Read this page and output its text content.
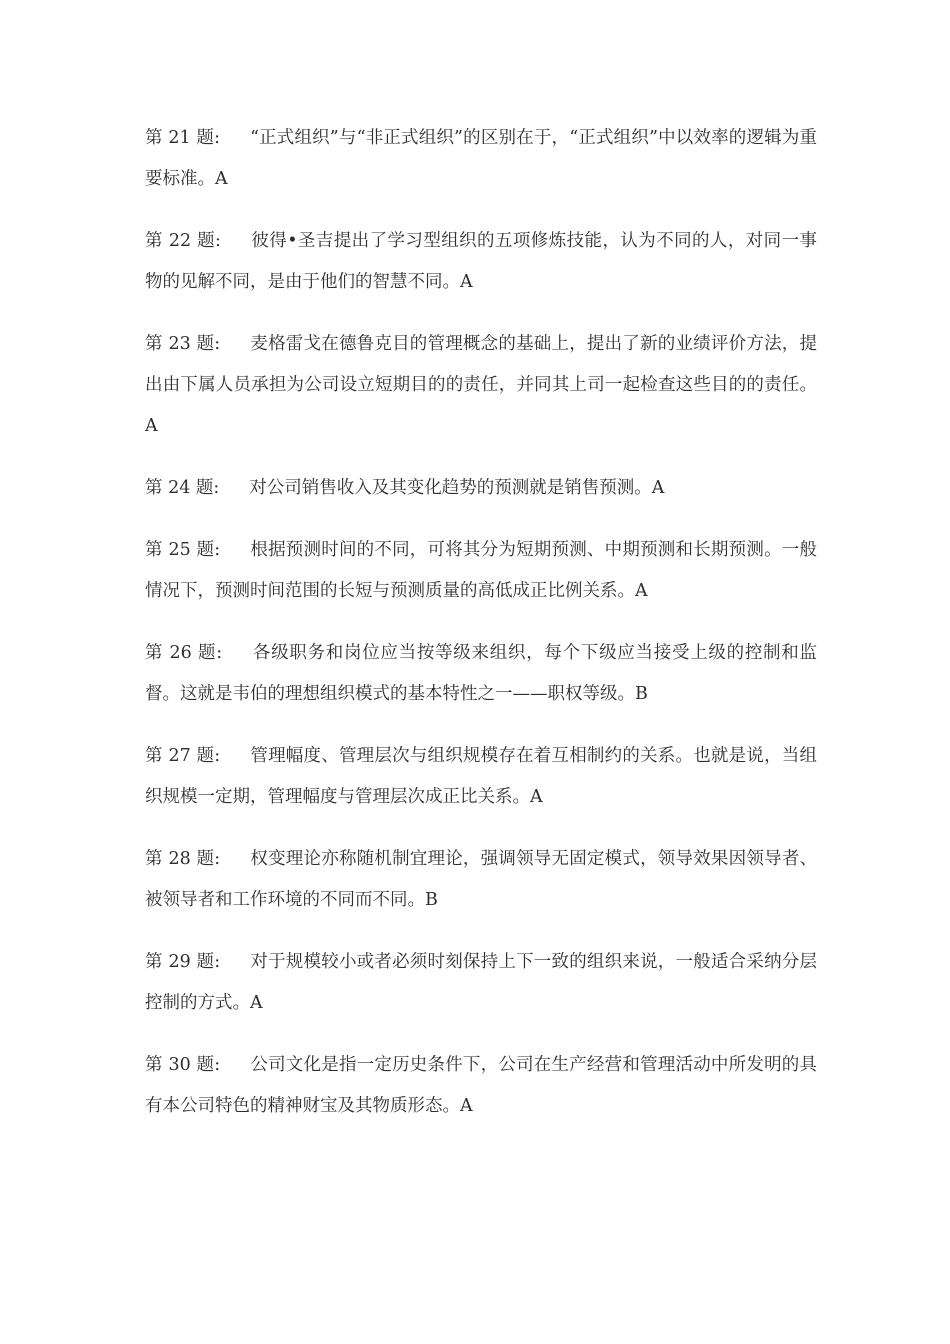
第 21 题: “正式组织”与“非正式组织”的区别在于，“正式组织”中以效率的逻辑为重要标准。A

第 22 题: 彼得•圣吉提出了学习型组织的五项修炼技能，认为不同的人，对同一事物的见解不同，是由于他们的智慧不同。A

第 23 题: 麦格雷戈在德鲁克目的管理概念的基础上，提出了新的业绩评价方法，提出由下属人员承担为公司设立短期目的的责任，并同其上司一起检查这些目的的责任。A

第 24 题: 对公司销售收入及其变化趋势的预测就是销售预测。A

第 25 题: 根据预测时间的不同，可将其分为短期预测、中期预测和长期预测。一般情况下，预测时间范围的长短与预测质量的高低成正比例关系。A

第 26 题: 各级职务和岗位应当按等级来组织，每个下级应当接受上级的控制和监督。这就是韦伯的理想组织模式的基本特性之一——职权等级。B

第 27 题: 管理幅度、管理层次与组织规模存在着互相制约的关系。也就是说，当组织规模一定期，管理幅度与管理层次成正比关系。A

第 28 题: 权变理论亦称随机制宜理论，强调领导无固定模式，领导效果因领导者、被领导者和工作环境的不同而不同。B

第 29 题: 对于规模较小或者必须时刻保持上下一致的组织来说，一般适合采纳分层控制的方式。A

第 30 题: 公司文化是指一定历史条件下，公司在生产经营和管理活动中所发明的具有本公司特色的精神财宝及其物质形态。A
